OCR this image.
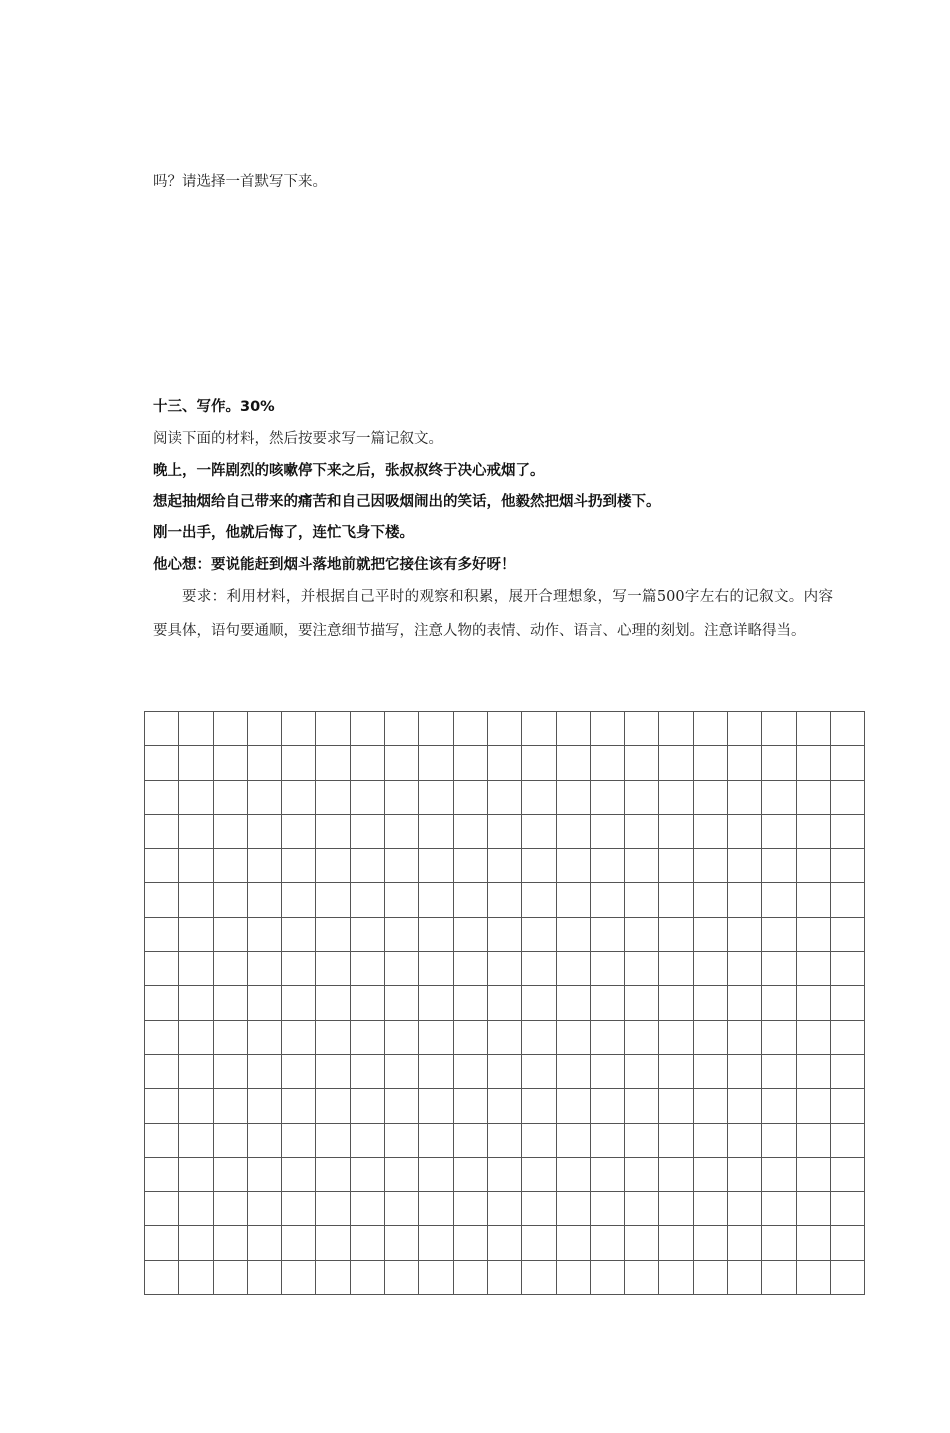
吗？请选择一首默写下来。
十三、写作。30%
阅读下面的材料，然后按要求写一篇记叙文。
晚上，一阵剧烈的咳嗽停下来之后，张叔叔终于决心戒烟了。
想起抽烟给自己带来的痛苦和自己因吸烟闹出的笑话，他毅然把烟斗扔到楼下。
刚一出手，他就后悔了，连忙飞身下楼。
他心想：要说能赶到烟斗落地前就把它接住该有多好呀！
要求：利用材料，并根据自己平时的观察和积累，展开合理想象，写一篇500字左右的记叙文。内容要具体，语句要通顺，要注意细节描写，注意人物的表情、动作、语言、心理的刻划。注意详略得当。
